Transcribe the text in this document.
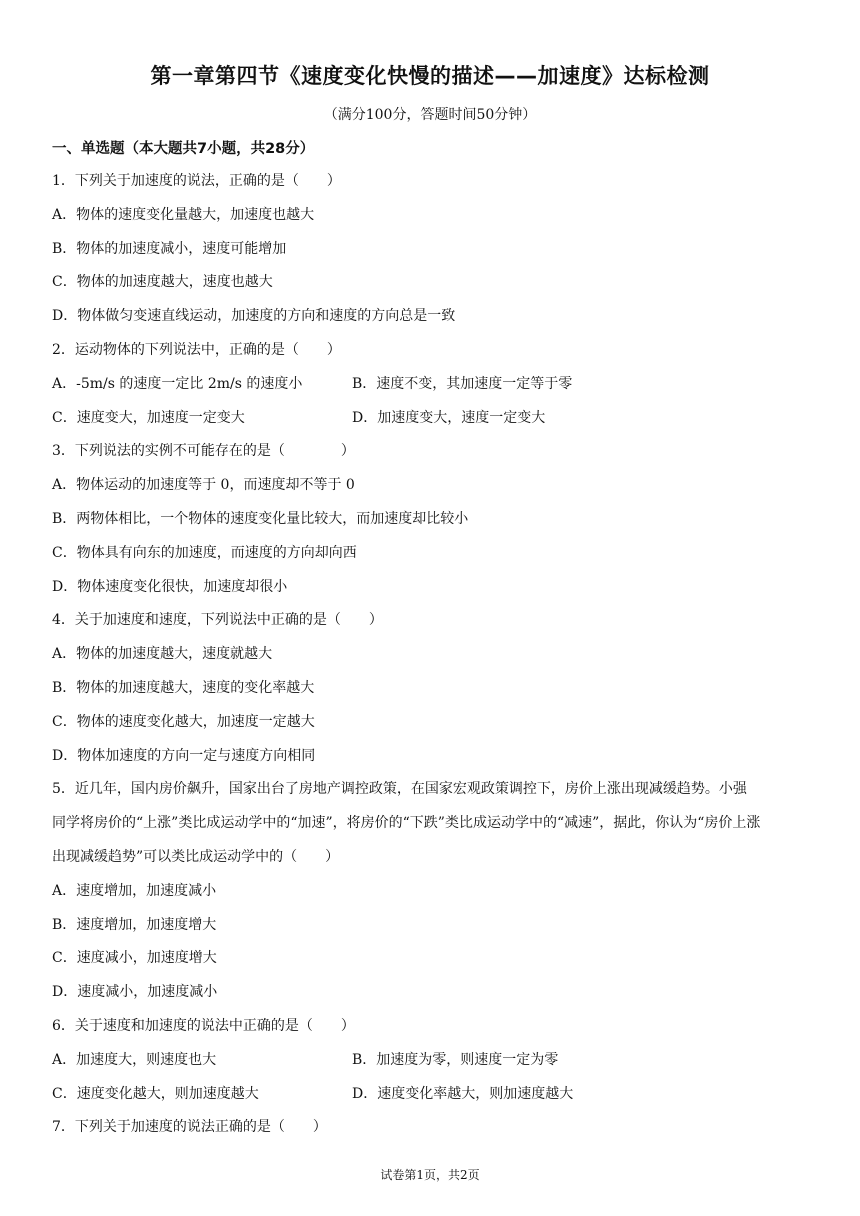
第一章第四节《速度变化快慢的描述——加速度》达标检测
（满分100分，答题时间50分钟）
一、单选题（本大题共7小题，共28分）
1．下列关于加速度的说法，正确的是（　　）
A．物体的速度变化量越大，加速度也越大
B．物体的加速度减小，速度可能增加
C．物体的加速度越大，速度也越大
D．物体做匀变速直线运动，加速度的方向和速度的方向总是一致
2．运动物体的下列说法中，正确的是（　　）
A．-5m/s 的速度一定比 2m/s 的速度小	B．速度不变，其加速度一定等于零
C．速度变大，加速度一定变大	D．加速度变大，速度一定变大
3．下列说法的实例不可能存在的是（　　　　）
A．物体运动的加速度等于 0，而速度却不等于 0
B．两物体相比，一个物体的速度变化量比较大，而加速度却比较小
C．物体具有向东的加速度，而速度的方向却向西
D．物体速度变化很快，加速度却很小
4．关于加速度和速度，下列说法中正确的是（　　）
A．物体的加速度越大，速度就越大
B．物体的加速度越大，速度的变化率越大
C．物体的速度变化越大，加速度一定越大
D．物体加速度的方向一定与速度方向相同
5．近几年，国内房价飙升，国家出台了房地产调控政策，在国家宏观政策调控下，房价上涨出现减缓趋势。小强
同学将房价的“上涨”类比成运动学中的“加速”，将房价的“下跌”类比成运动学中的“减速”，据此，你认为“房价上涨
出现减缓趋势”可以类比成运动学中的（　　）
A．速度增加，加速度减小
B．速度增加，加速度增大
C．速度减小，加速度增大
D．速度减小，加速度减小
6．关于速度和加速度的说法中正确的是（　　）
A．加速度大，则速度也大	B．加速度为零，则速度一定为零
C．速度变化越大，则加速度越大	D．速度变化率越大，则加速度越大
7．下列关于加速度的说法正确的是（　　）
试卷第1页，共2页
